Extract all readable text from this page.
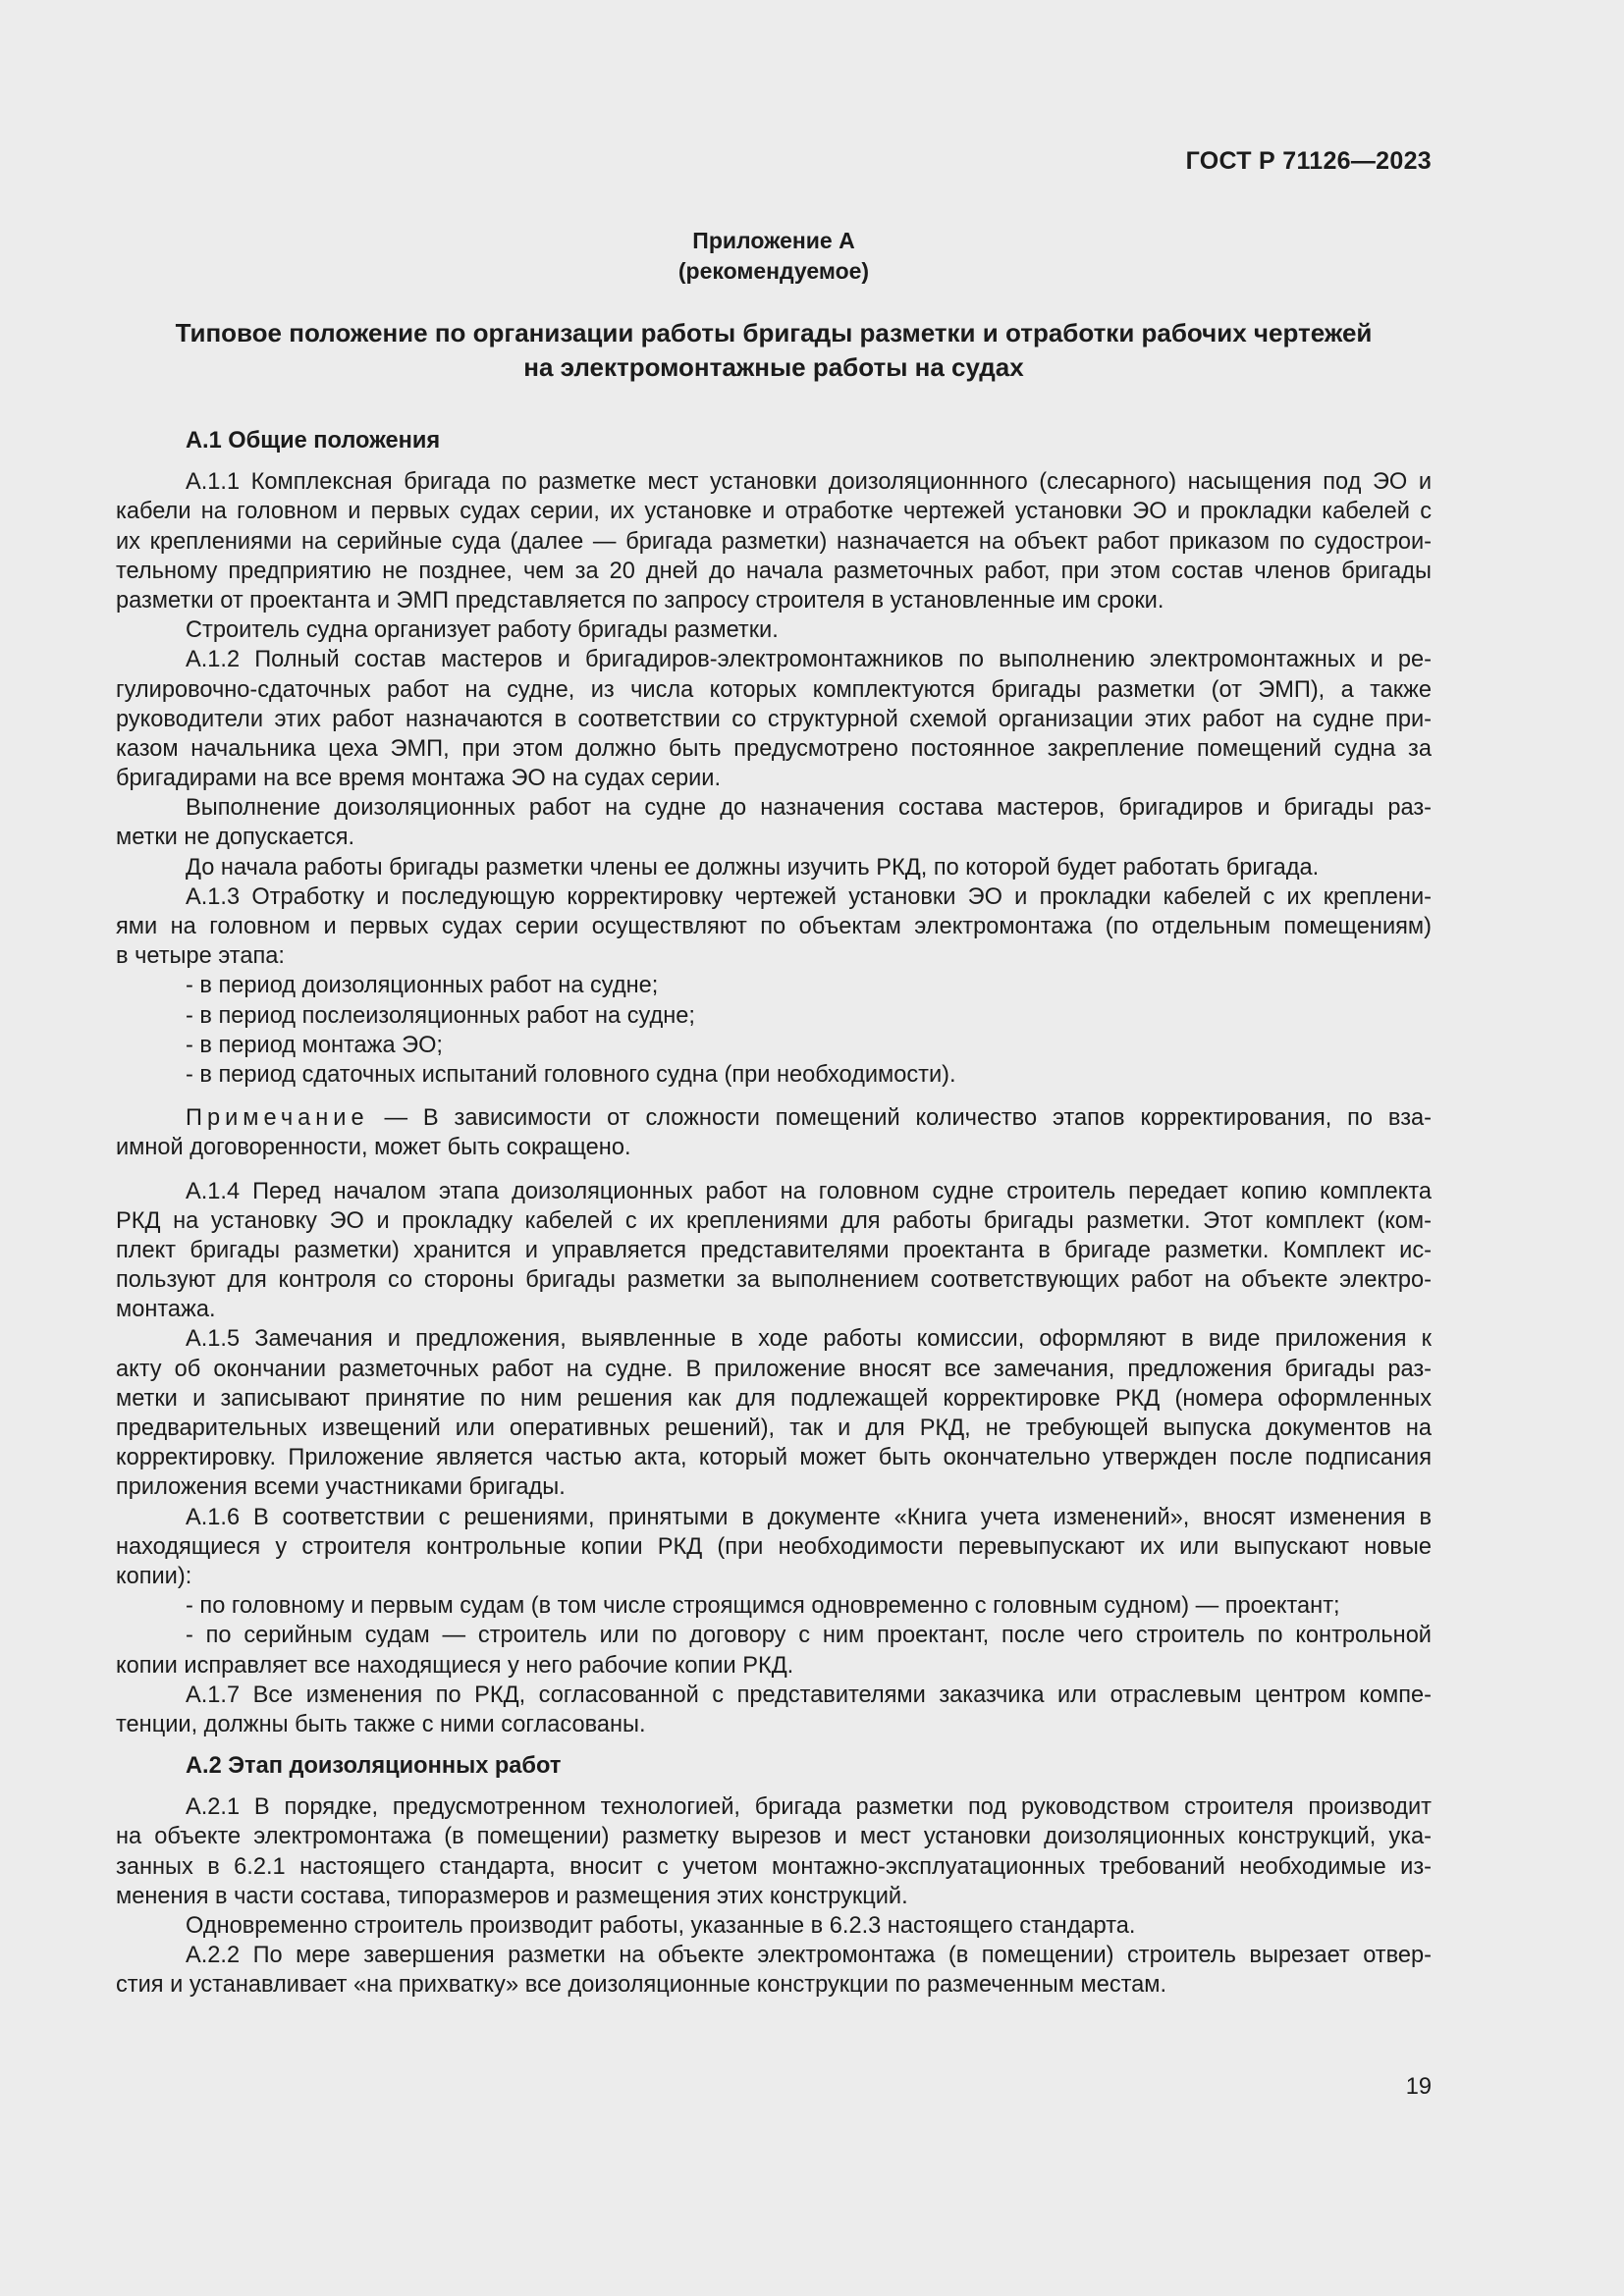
ГОСТ Р 71126—2023
Приложение А
(рекомендуемое)
Типовое положение по организации работы бригады разметки и отработки рабочих чертежей
на электромонтажные работы на судах
А.1 Общие положения
А.1.1 Комплексная бригада по разметке мест установки доизоляционнного (слесарного) насыщения под ЭО и
кабели на головном и первых судах серии, их установке и отработке чертежей установки ЭО и прокладки кабелей с
их креплениями на серийные суда (далее — бригада разметки) назначается на объект работ приказом по судострои-
тельному предприятию не позднее, чем за 20 дней до начала разметочных работ, при этом состав членов бригады
разметки от проектанта и ЭМП представляется по запросу строителя в установленные им сроки.
Строитель судна организует работу бригады разметки.
А.1.2 Полный состав мастеров и бригадиров-электромонтажников по выполнению электромонтажных и ре-
гулировочно-сдаточных работ на судне, из числа которых комплектуются бригады разметки (от ЭМП), а также
руководители этих работ назначаются в соответствии со структурной схемой организации этих работ на судне при-
казом начальника цеха ЭМП, при этом должно быть предусмотрено постоянное закрепление помещений судна за
бригадирами на все время монтажа ЭО на судах серии.
Выполнение доизоляционных работ на судне до назначения состава мастеров, бригадиров и бригады раз-
метки не допускается.
До начала работы бригады разметки члены ее должны изучить РКД, по которой будет работать бригада.
А.1.3 Отработку и последующую корректировку чертежей установки ЭО и прокладки кабелей с их креплени-
ями на головном и первых судах серии осуществляют по объектам электромонтажа (по отдельным помещениям)
в четыре этапа:
- в период доизоляционных работ на судне;
- в период послеизоляционных работ на судне;
- в период монтажа ЭО;
- в период сдаточных испытаний головного судна (при необходимости).
Примечание — В зависимости от сложности помещений количество этапов корректирования, по вза-
имной договоренности, может быть сокращено.
А.1.4 Перед началом этапа доизоляционных работ на головном судне строитель передает копию комплекта
РКД на установку ЭО и прокладку кабелей с их креплениями для работы бригады разметки. Этот комплект (ком-
плект бригады разметки) хранится и управляется представителями проектанта в бригаде разметки. Комплект ис-
пользуют для контроля со стороны бригады разметки за выполнением соответствующих работ на объекте электро-
монтажа.
А.1.5 Замечания и предложения, выявленные в ходе работы комиссии, оформляют в виде приложения к
акту об окончании разметочных работ на судне. В приложение вносят все замечания, предложения бригады раз-
метки и записывают принятие по ним решения как для подлежащей корректировке РКД (номера оформленных
предварительных извещений или оперативных решений), так и для РКД, не требующей выпуска документов на
корректировку. Приложение является частью акта, который может быть окончательно утвержден после подписания
приложения всеми участниками бригады.
А.1.6 В соответствии с решениями, принятыми в документе «Книга учета изменений», вносят изменения в
находящиеся у строителя контрольные копии РКД (при необходимости перевыпускают их или выпускают новые
копии):
- по головному и первым судам (в том числе строящимся одновременно с головным судном) — проектант;
- по серийным судам — строитель или по договору с ним проектант, после чего строитель по контрольной
копии исправляет все находящиеся у него рабочие копии РКД.
А.1.7 Все изменения по РКД, согласованной с представителями заказчика или отраслевым центром компе-
тенции, должны быть также с ними согласованы.
А.2 Этап доизоляционных работ
А.2.1 В порядке, предусмотренном технологией, бригада разметки под руководством строителя производит
на объекте электромонтажа (в помещении) разметку вырезов и мест установки доизоляционных конструкций, ука-
занных в 6.2.1 настоящего стандарта, вносит с учетом монтажно-эксплуатационных требований необходимые из-
менения в части состава, типоразмеров и размещения этих конструкций.
Одновременно строитель производит работы, указанные в 6.2.3 настоящего стандарта.
А.2.2 По мере завершения разметки на объекте электромонтажа (в помещении) строитель вырезает отвер-
стия и устанавливает «на прихватку» все доизоляционные конструкции по размеченным местам.
19
